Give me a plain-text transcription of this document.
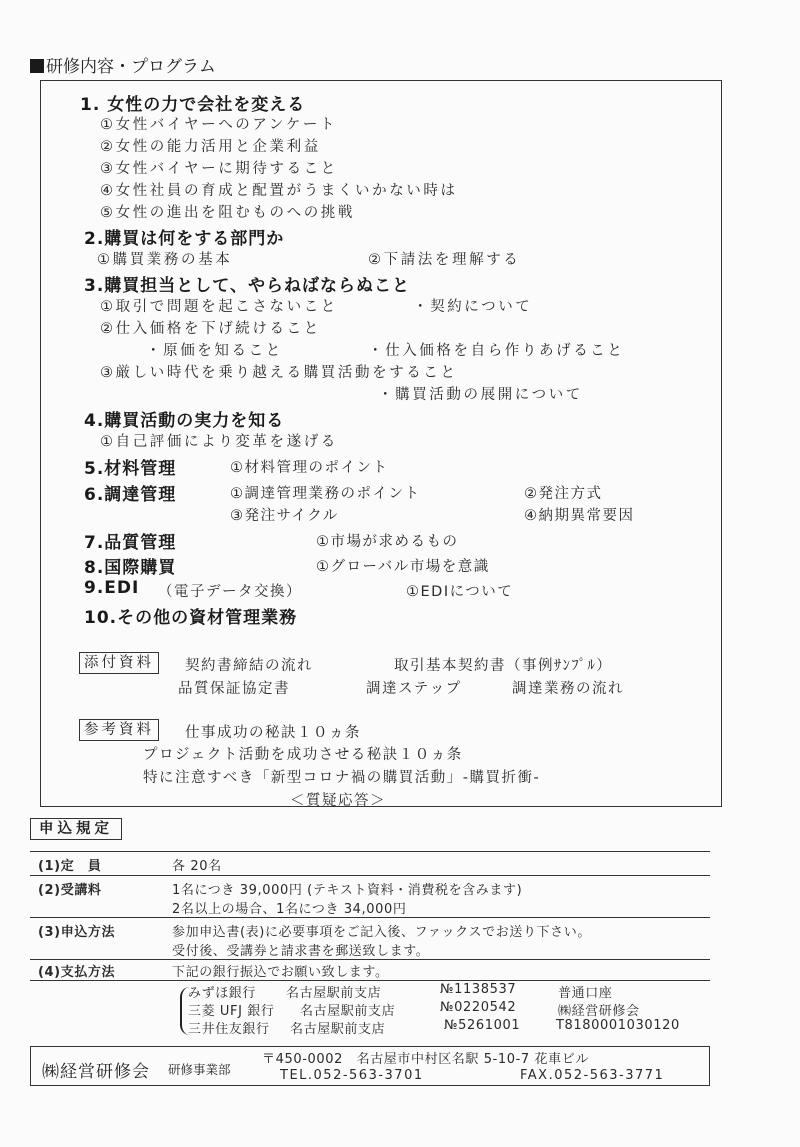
研修内容・プログラム
1. 女性の力で会社を変える
①女性バイヤーへのアンケート
②女性の能力活用と企業利益
③女性バイヤーに期待すること
④女性社員の育成と配置がうまくいかない時は
⑤女性の進出を阻むものへの挑戦
2.購買は何をする部門か
①購買業務の基本	②下請法を理解する
3.購買担当として、やらねばならぬこと
①取引で問題を起こさないこと	・契約について
②仕入価格を下げ続けること
・原価を知ること	・仕入価格を自ら作りあげること
③厳しい時代を乗り越える購買活動をすること
・購買活動の展開について
4.購買活動の実力を知る
①自己評価により変革を遂げる
5.材料管理	①材料管理のポイント
6.調達管理	①調達管理業務のポイント	②発注方式
③発注サイクル	④納期異常要因
7.品質管理	①市場が求めるもの
8.国際購買	①グローバル市場を意識
9.EDI （電子データ交換）	①EDIについて
10.その他の資材管理業務
添付資料	契約書締結の流れ	取引基本契約書（事例ｻﾝﾌﾟﾙ）
品質保証協定書	調達ステップ	調達業務の流れ
参考資料	仕事成功の秘訣１０ヵ条
プロジェクト活動を成功させる秘訣１０ヵ条
特に注意すべき「新型コロナ禍の購買活動」-購買折衝-
＜質疑応答＞
申込規定
(1)定　員	各 20名
(2)受講料	1名につき 39,000円 (テキスト資料・消費税を含みます)
2名以上の場合、1名につき 34,000円
(3)申込方法	参加申込書(表)に必要事項をご記入後、ファックスでお送り下さい。
受付後、受講券と請求書を郵送致します。
(4)支払方法	下記の銀行振込でお願い致します。
みずほ銀行 名古屋駅前支店	№1138537	普通口座
三菱 UFJ 銀行 名古屋駅前支店	№0220542	㈱経営研修会
三井住友銀行 名古屋駅前支店	№5261001	T8180001030120
㈱経営研修会 研修事業部
〒450-0002　名古屋市中村区名駅 5-10-7 花車ビル
TEL.052-563-3701	FAX.052-563-3771
